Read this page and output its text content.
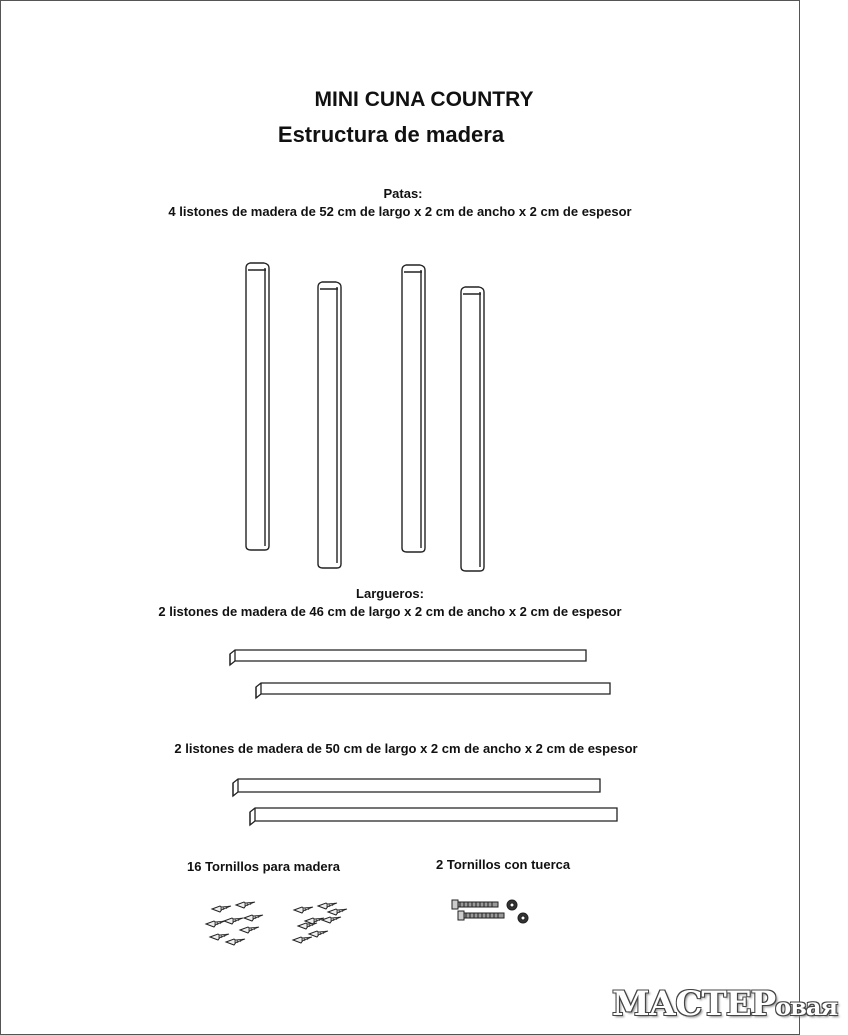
MINI CUNA COUNTRY
Estructura de madera
Patas:
4 listones de madera de 52 cm de largo x 2 cm de ancho x 2 cm de espesor
Largueros:
2 listones de madera de 46 cm de largo x 2 cm de ancho x 2 cm de espesor
2 listones de madera de 50 cm de largo x 2 cm de ancho x 2 cm de espesor
16 Tornillos para madera	2 Tornillos con tuerca
МАСТЕРовая
